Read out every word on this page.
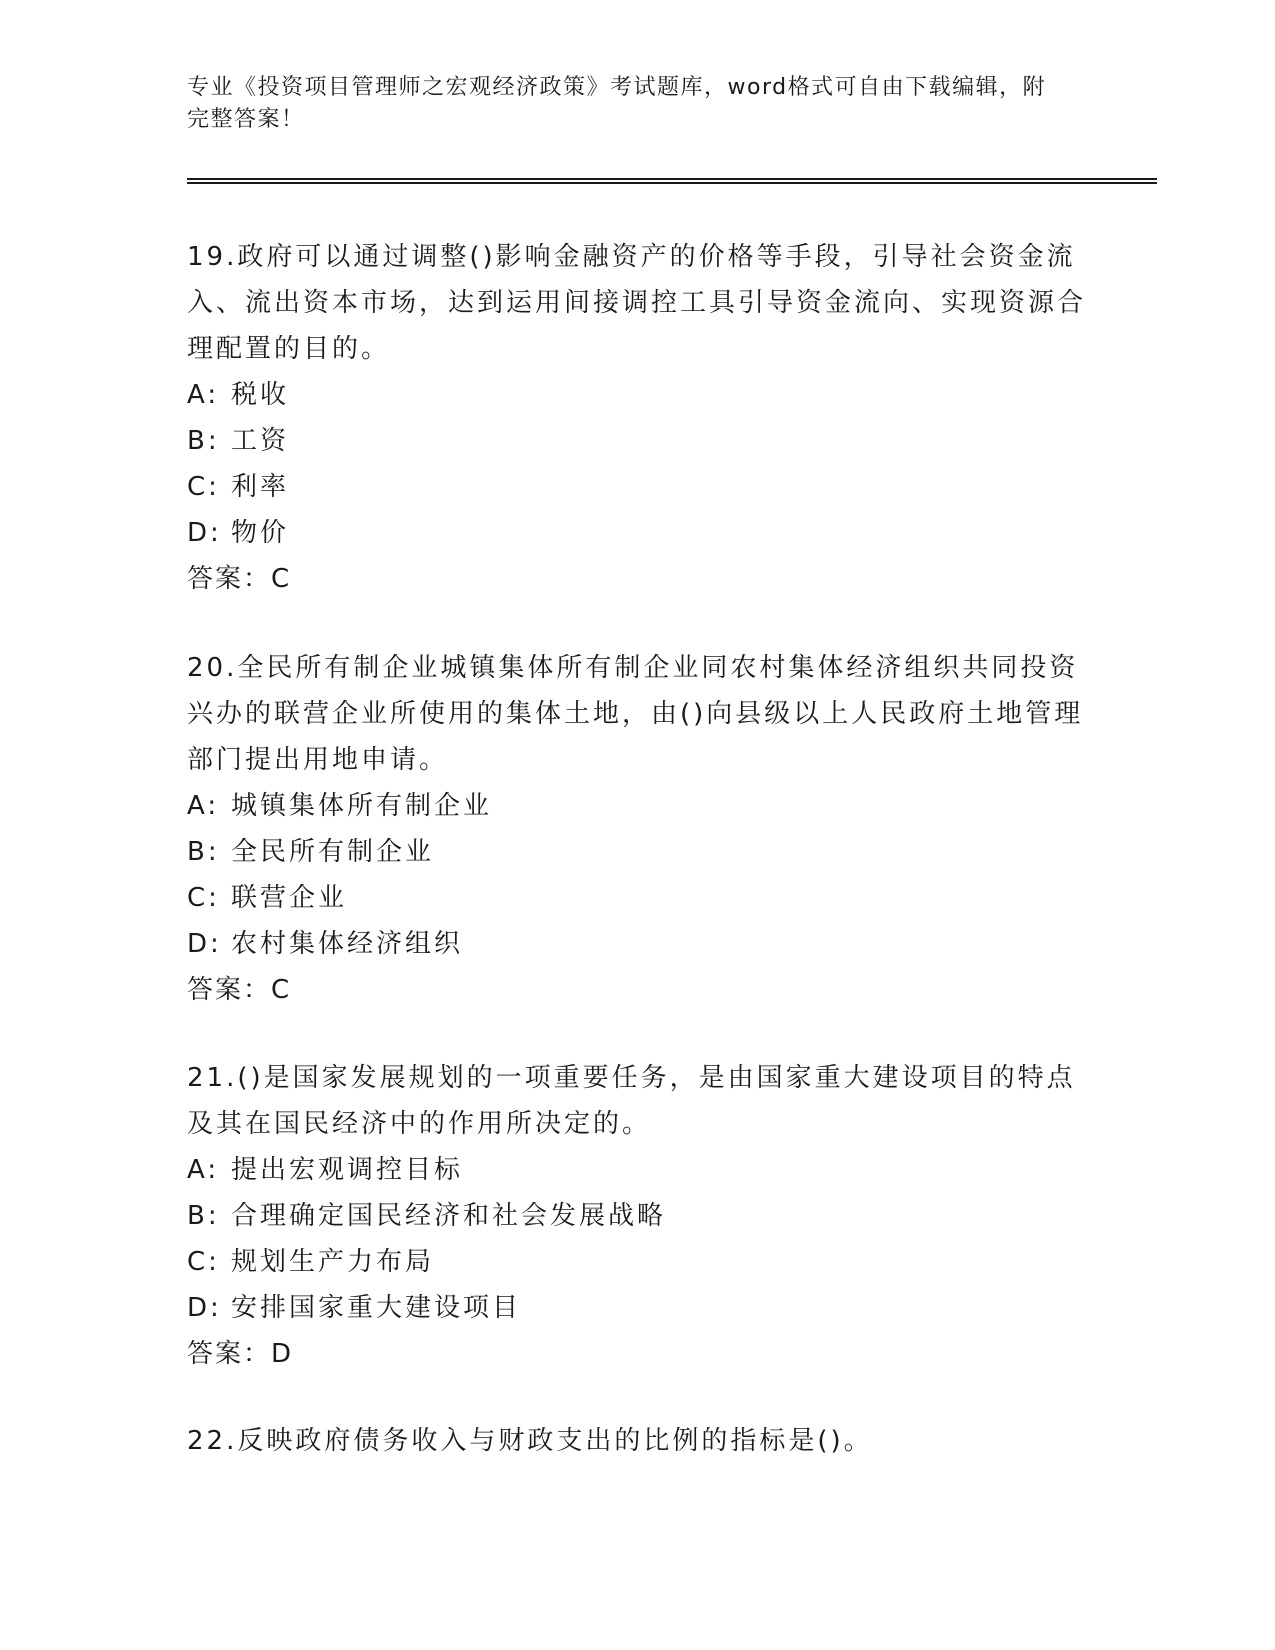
专业《投资项目管理师之宏观经济政策》考试题库，word格式可自由下载编辑，附完整答案！

19.政府可以通过调整()影响金融资产的价格等手段，引导社会资金流入、流出资本市场，达到运用间接调控工具引导资金流向、实现资源合理配置的目的。

A: 税收

B: 工资

C: 利率

D: 物价

答案：C

20.全民所有制企业城镇集体所有制企业同农村集体经济组织共同投资兴办的联营企业所使用的集体土地，由()向县级以上人民政府土地管理部门提出用地申请。

A: 城镇集体所有制企业

B: 全民所有制企业

C: 联营企业

D: 农村集体经济组织

答案：C

21.()是国家发展规划的一项重要任务，是由国家重大建设项目的特点及其在国民经济中的作用所决定的。

A: 提出宏观调控目标

B: 合理确定国民经济和社会发展战略

C: 规划生产力布局

D: 安排国家重大建设项目

答案：D

22.反映政府债务收入与财政支出的比例的指标是()。
